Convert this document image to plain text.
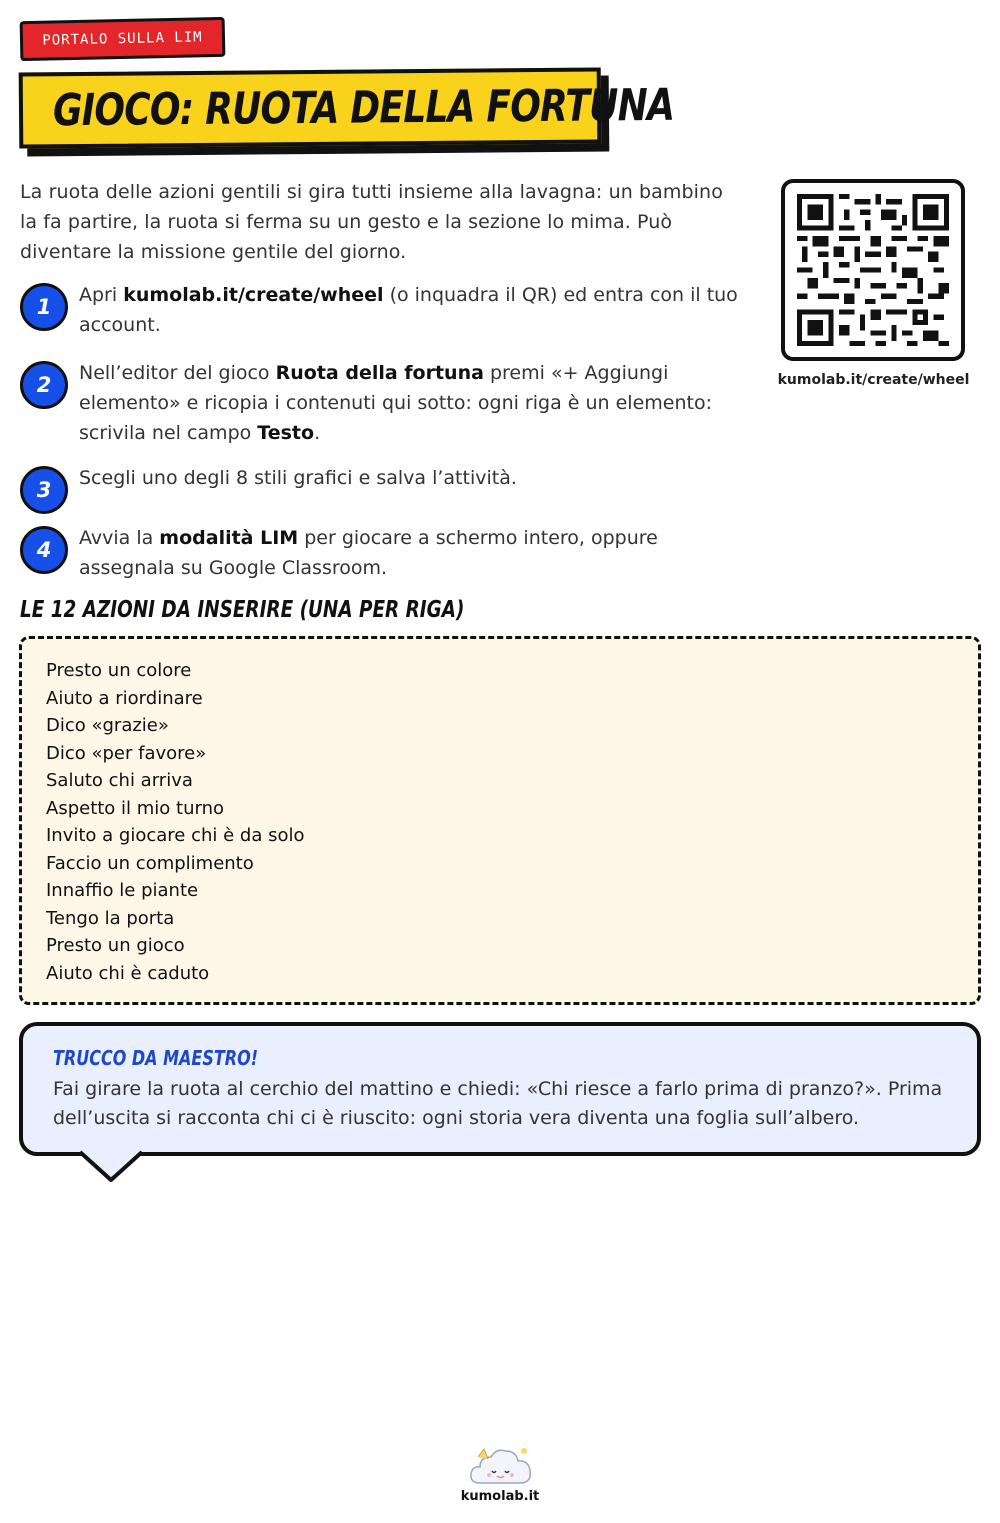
PORTALO SULLA LIM
GIOCO: RUOTA DELLA FORTUNA

La ruota delle azioni gentili si gira tutti insieme alla lavagna: un bambino la fa partire, la ruota si ferma su un gesto e la sezione lo mima. Può diventare la missione gentile del giorno.

kumolab.it/create/wheel
1	Apri kumolab.it/create/wheel (o inquadra il QR) ed entra con il tuo account.

2	Nell’editor del gioco Ruota della fortuna premi «+ Aggiungi elemento» e ricopia i contenuti qui sotto: ogni riga è un elemento: scrivila nel campo Testo.

3	Scegli uno degli 8 stili grafici e salva l’attività.

4	Avvia la modalità LIM per giocare a schermo intero, oppure assegnala su Google Classroom.

LE 12 AZIONI DA INSERIRE (UNA PER RIGA)
Presto un colore
Aiuto a riordinare
Dico «grazie»
Dico «per favore»
Saluto chi arriva
Aspetto il mio turno
Invito a giocare chi è da solo
Faccio un complimento
Innaffio le piante
Tengo la porta
Presto un gioco
Aiuto chi è caduto
TRUCCO DA MAESTRO!

Fai girare la ruota al cerchio del mattino e chiedi: «Chi riesce a farlo prima di pranzo?». Prima dell’uscita si racconta chi ci è riuscito: ogni storia vera diventa una foglia sull’albero.

kumolab.it
